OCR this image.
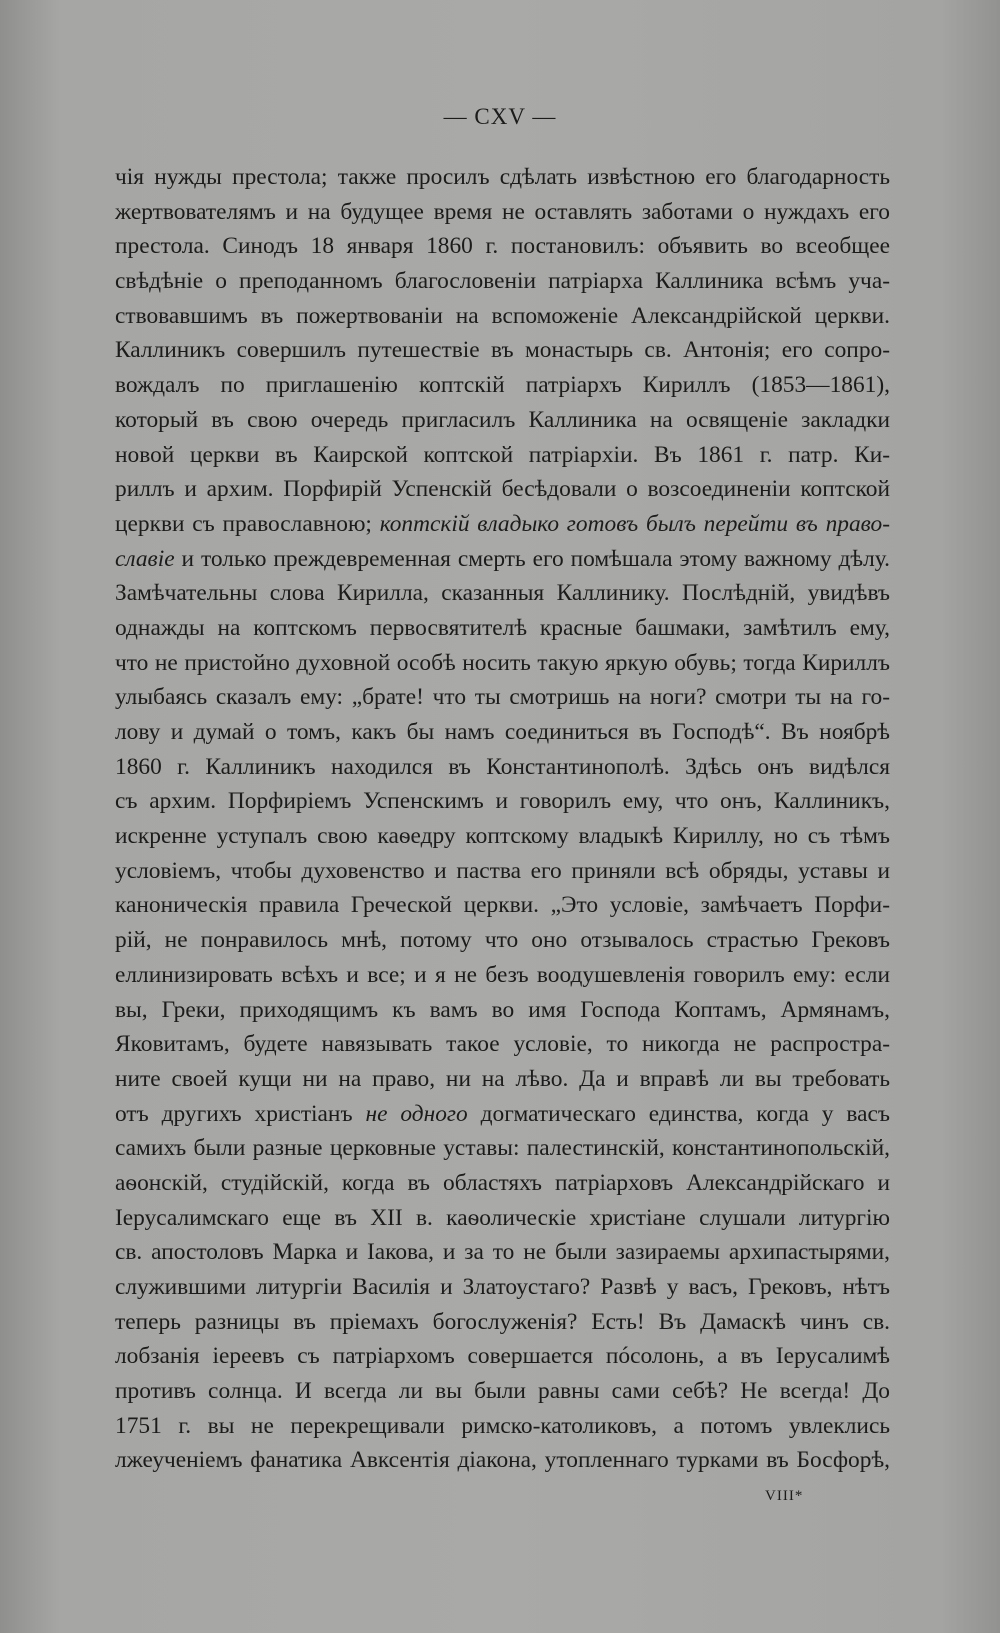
— CXV —
чія нужды престола; также просилъ сдѣлать извѣстною его благодарность
жертвователямъ и на будущее время не оставлять заботами о нуждахъ его
престола. Синодъ 18 января 1860 г. постановилъ: объявить во всеобщее
свѣдѣніе о преподанномъ благословеніи патріарха Каллиника всѣмъ уча-
ствовавшимъ въ пожертвованіи на вспоможеніе Александрійской церкви.
Каллиникъ совершилъ путешествіе въ монастырь св. Антонія; его сопро-
вождалъ по приглашенію коптскій патріархъ Кириллъ (1853—1861),
который въ свою очередь пригласилъ Каллиника на освященіе закладки
новой церкви въ Каирской коптской патріархіи. Въ 1861 г. патр. Ки-
риллъ и архим. Порфирій Успенскій бесѣдовали о возсоединеніи коптской
церкви съ православною; коптскій владыко готовъ былъ перейти въ право-
славіе и только преждевременная смерть его помѣшала этому важному дѣлу.
Замѣчательны слова Кирилла, сказанныя Каллинику. Послѣдній, увидѣвъ
однажды на коптскомъ первосвятителѣ красные башмаки, замѣтилъ ему,
что не пристойно духовной особѣ носить такую яркую обувь; тогда Кириллъ
улыбаясь сказалъ ему: „брате! что ты смотришь на ноги? смотри ты на го-
лову и думай о томъ, какъ бы намъ соединиться въ Господѣ“. Въ ноябрѣ
1860 г. Каллиникъ находился въ Константинополѣ. Здѣсь онъ видѣлся
съ архим. Порфиріемъ Успенскимъ и говорилъ ему, что онъ, Каллиникъ,
искренне уступалъ свою каѳедру коптскому владыкѣ Кириллу, но съ тѣмъ
условіемъ, чтобы духовенство и паства его приняли всѣ обряды, уставы и
каноническія правила Греческой церкви. „Это условіе, замѣчаетъ Порфи-
рій, не понравилось мнѣ, потому что оно отзывалось страстью Грековъ
еллинизировать всѣхъ и все; и я не безъ воодушевленія говорилъ ему: если
вы, Греки, приходящимъ къ вамъ во имя Господа Коптамъ, Армянамъ,
Яковитамъ, будете навязывать такое условіе, то никогда не распростра-
ните своей кущи ни на право, ни на лѣво. Да и вправѣ ли вы требовать
отъ другихъ христіанъ не одного догматическаго единства, когда у васъ
самихъ были разные церковные уставы: палестинскій, константинопольскій,
аѳонскій, студійскій, когда въ областяхъ патріарховъ Александрійскаго и
Іерусалимскаго еще въ XII в. каѳолическіе христіане слушали литургію
св. апостоловъ Марка и Іакова, и за то не были зазираемы архипастырями,
служившими литургіи Василія и Златоустаго? Развѣ у васъ, Грековъ, нѣтъ
теперь разницы въ пріемахъ богослуженія? Есть! Въ Дамаскѣ чинъ св.
лобзанія іереевъ съ патріархомъ совершается пóсолонь, а въ Іерусалимѣ
противъ солнца. И всегда ли вы были равны сами себѣ? Не всегда! До
1751 г. вы не перекрещивали римско-католиковъ, а потомъ увлеклись
лжеученіемъ фанатика Авксентія діакона, утопленнаго турками въ Босфорѣ,
VIII*
